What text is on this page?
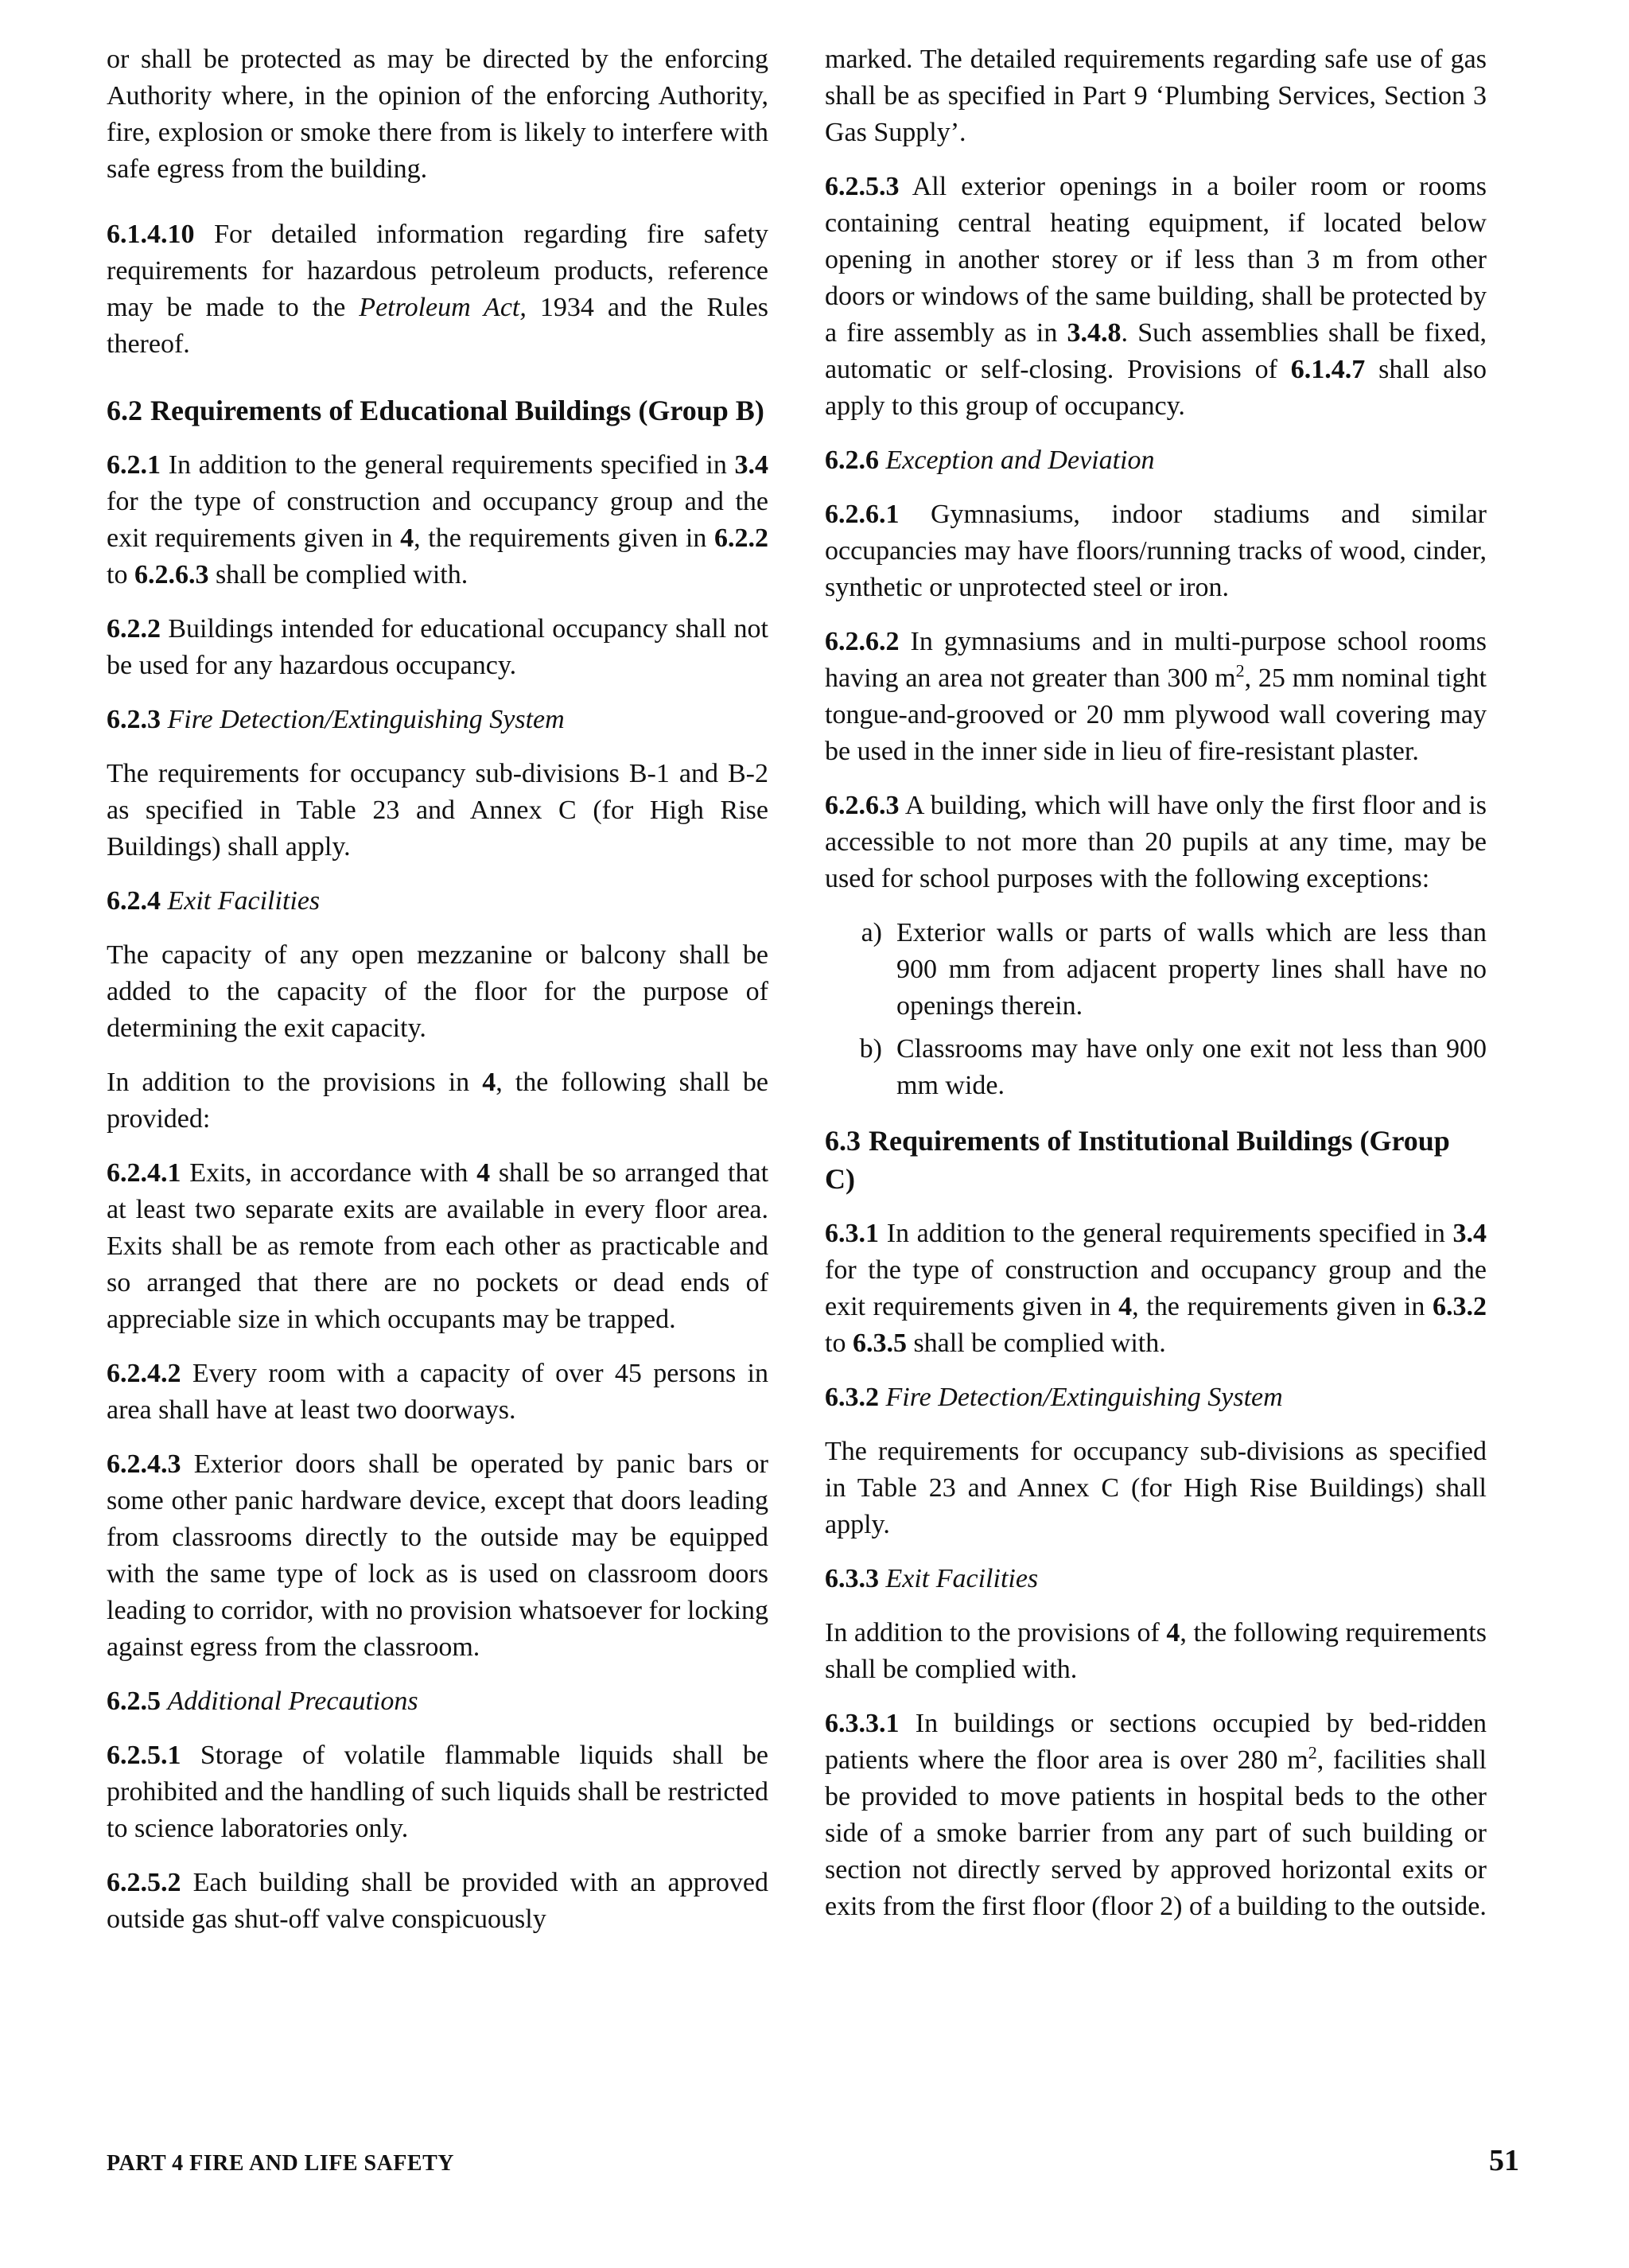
or shall be protected as may be directed by the enforcing Authority where, in the opinion of the enforcing Authority, fire, explosion or smoke there from is likely to interfere with safe egress from the building.

6.1.4.10 For detailed information regarding fire safety requirements for hazardous petroleum products, reference may be made to the Petroleum Act, 1934 and the Rules thereof.

6.2 Requirements of Educational Buildings (Group B)

6.2.1 In addition to the general requirements specified in 3.4 for the type of construction and occupancy group and the exit requirements given in 4, the requirements given in 6.2.2 to 6.2.6.3 shall be complied with.

6.2.2 Buildings intended for educational occupancy shall not be used for any hazardous occupancy.

6.2.3 Fire Detection/Extinguishing System

The requirements for occupancy sub-divisions B-1 and B-2 as specified in Table 23 and Annex C (for High Rise Buildings) shall apply.

6.2.4 Exit Facilities

The capacity of any open mezzanine or balcony shall be added to the capacity of the floor for the purpose of determining the exit capacity.

In addition to the provisions in 4, the following shall be provided:

6.2.4.1 Exits, in accordance with 4 shall be so arranged that at least two separate exits are available in every floor area. Exits shall be as remote from each other as practicable and so arranged that there are no pockets or dead ends of appreciable size in which occupants may be trapped.

6.2.4.2 Every room with a capacity of over 45 persons in area shall have at least two doorways.

6.2.4.3 Exterior doors shall be operated by panic bars or some other panic hardware device, except that doors leading from classrooms directly to the outside may be equipped with the same type of lock as is used on classroom doors leading to corridor, with no provision whatsoever for locking against egress from the classroom.

6.2.5 Additional Precautions

6.2.5.1 Storage of volatile flammable liquids shall be prohibited and the handling of such liquids shall be restricted to science laboratories only.

6.2.5.2 Each building shall be provided with an approved outside gas shut-off valve conspicuously

marked. The detailed requirements regarding safe use of gas shall be as specified in Part 9 ‘Plumbing Services, Section 3 Gas Supply’.

6.2.5.3 All exterior openings in a boiler room or rooms containing central heating equipment, if located below opening in another storey or if less than 3 m from other doors or windows of the same building, shall be protected by a fire assembly as in 3.4.8. Such assemblies shall be fixed, automatic or self-closing. Provisions of 6.1.4.7 shall also apply to this group of occupancy.

6.2.6 Exception and Deviation

6.2.6.1 Gymnasiums, indoor stadiums and similar occupancies may have floors/running tracks of wood, cinder, synthetic or unprotected steel or iron.

6.2.6.2 In gymnasiums and in multi-purpose school rooms having an area not greater than 300 $m^2$, 25 mm nominal tight tongue-and-grooved or 20 mm plywood wall covering may be used in the inner side in lieu of fire-resistant plaster.

6.2.6.3 A building, which will have only the first floor and is accessible to not more than 20 pupils at any time, may be used for school purposes with the following exceptions:

a) Exterior walls or parts of walls which are less than 900 mm from adjacent property lines shall have no openings therein.
b) Classrooms may have only one exit not less than 900 mm wide.
6.3 Requirements of Institutional Buildings (Group C)

6.3.1 In addition to the general requirements specified in 3.4 for the type of construction and occupancy group and the exit requirements given in 4, the requirements given in 6.3.2 to 6.3.5 shall be complied with.

6.3.2 Fire Detection/Extinguishing System

The requirements for occupancy sub-divisions as specified in Table 23 and Annex C (for High Rise Buildings) shall apply.

6.3.3 Exit Facilities

In addition to the provisions of 4, the following requirements shall be complied with.

6.3.3.1 In buildings or sections occupied by bed-ridden patients where the floor area is over 280 $m^2$, facilities shall be provided to move patients in hospital beds to the other side of a smoke barrier from any part of such building or section not directly served by approved horizontal exits or exits from the first floor (floor 2) of a building to the outside.

PART 4 FIRE AND LIFE SAFETY	51
